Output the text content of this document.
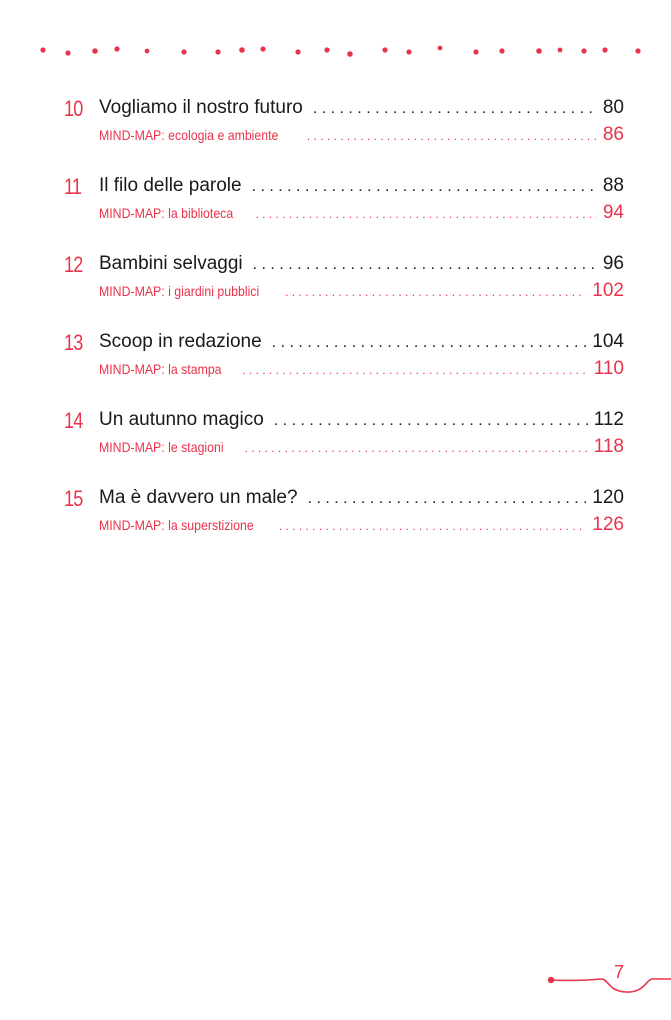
10 Vogliamo il nostro futuro . . .	80
MIND-MAP: ecologia e ambiente . . .	86
11 Il filo delle parole . . .	88
MIND-MAP: la biblioteca . . .	94
12 Bambini selvaggi . . .	96
MIND-MAP: i giardini pubblici . . .	102
13 Scoop in redazione . . .	104
MIND-MAP: la stampa . . .	110
14 Un autunno magico . . .	112
MIND-MAP: le stagioni . . .	118
15 Ma è davvero un male? . . .	120
MIND-MAP: la superstizione . . .	126
7
